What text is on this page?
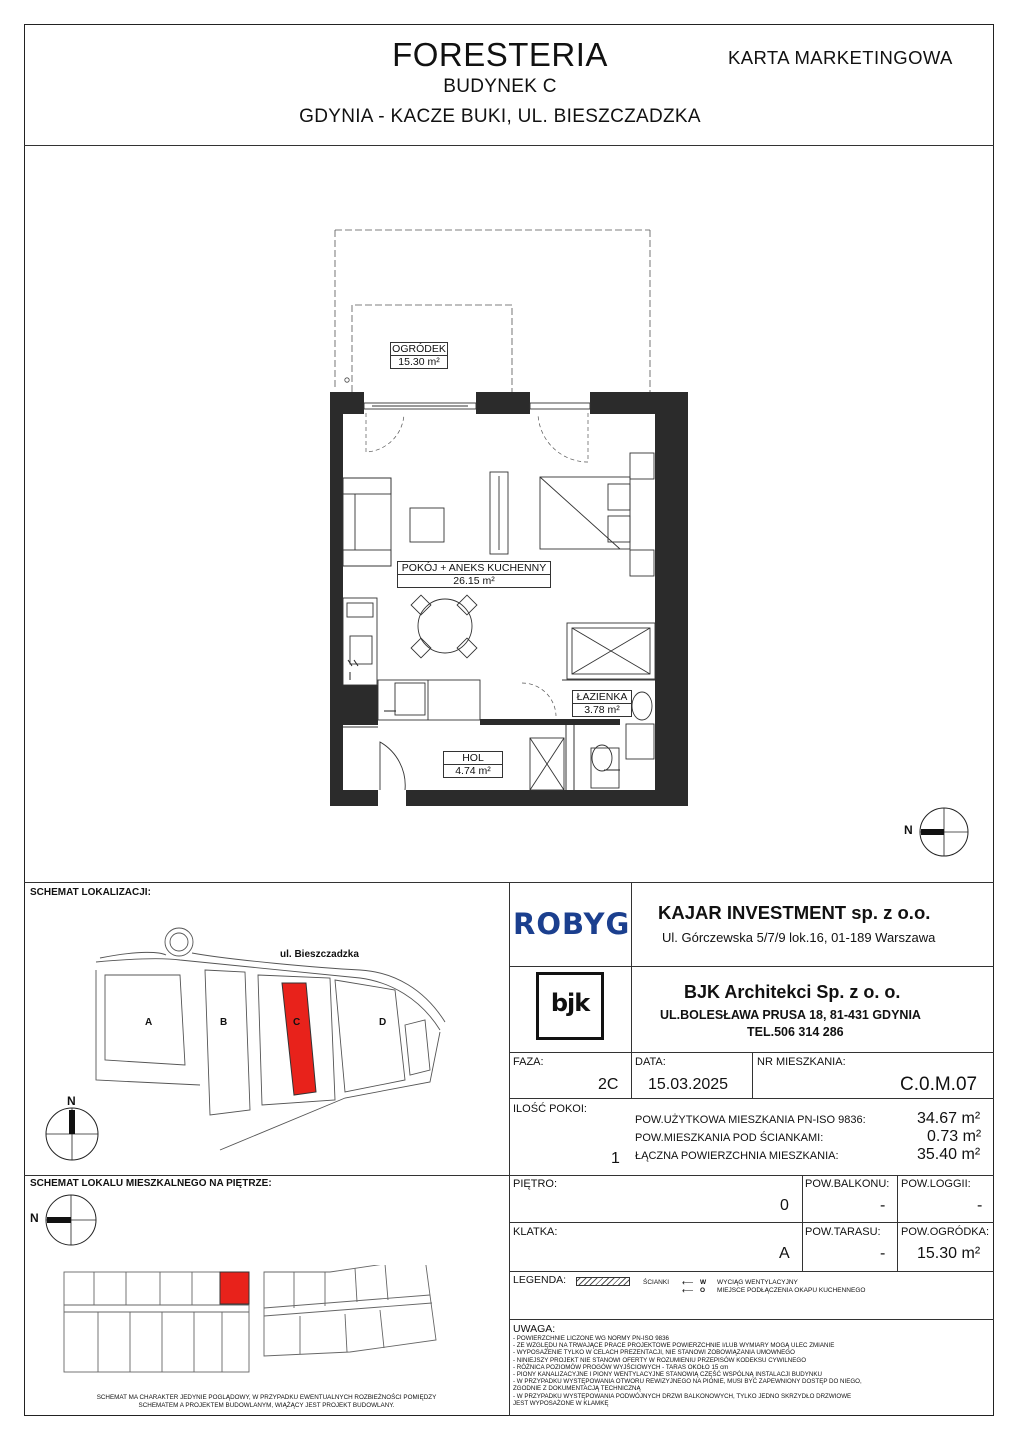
FORESTERIA
BUDYNEK C
GDYNIA - KACZE BUKI, UL. BIESZCZADZKA
KARTA MARKETINGOWA
OGRÓDEK
15.30 m²
POKÓJ + ANEKS KUCHENNY
26.15 m²
ŁAZIENKA
3.78 m²
HOL
4.74 m²
N
SCHEMAT LOKALIZACJI:
ul. Bieszczadzka
A	B	C	D
N
SCHEMAT LOKALU MIESZKALNEGO NA PIĘTRZE:
N
SCHEMAT MA CHARAKTER JEDYNIE POGLĄDOWY, W PRZYPADKU EWENTUALNYCH ROZBIEŻNOŚCI POMIĘDZY
SCHEMATEM A PROJEKTEM BUDOWLANYM, WIĄŻĄCY JEST PROJEKT BUDOWLANY.
ROBYG KAJAR INVESTMENT sp. z o.o.
Ul. Górczewska 5/7/9 lok.16, 01-189 Warszawa
bjk	BJK Architekci Sp. z o. o.
UL.BOLESŁAWA PRUSA 18, 81-431 GDYNIA
TEL.506 314 286
FAZA:
2C
DATA:
15.03.2025
NR MIESZKANIA:
C.0.M.07
ILOŚĆ POKOI:
1
POW.UŻYTKOWA MIESZKANIA PN-ISO 9836:	34.67 m²
POW.MIESZKANIA POD ŚCIANKAMI:	0.73 m²
ŁĄCZNA POWIERZCHNIA MIESZKANIA:	35.40 m²
PIĘTRO:
0
POW.BALKONU:
-
POW.LOGGII:
-
KLATKA:
A
POW.TARASU:
-
POW.OGRÓDKA:
15.30 m²
LEGENDA:	ŚCIANKI ⟵ W WYCIĄG WENTYLACYJNY
⟵ O MIEJSCE PODŁĄCZENIA OKAPU KUCHENNEGO
UWAGA:
- POWIERZCHNIE LICZONE WG NORMY PN-ISO 9836
- ZE WZGLĘDU NA TRWAJĄCE PRACE PROJEKTOWE POWIERZCHNIE I/LUB WYMIARY MOGĄ ULEC ZMIANIE
- WYPOSAŻENIE TYLKO W CELACH PREZENTACJI, NIE STANOWI ZOBOWIĄZANIA UMOWNEGO
- NINIEJSZY PROJEKT NIE STANOWI OFERTY W ROZUMIENIU PRZEPISÓW KODEKSU CYWILNEGO
- RÓŻNICA POZIOMÓW PROGÓW WYJŚCIOWYCH - TARAS OKOŁO 15 cm
- PIONY KANALIZACYJNE I PIONY WENTYLACYJNE STANOWIĄ CZĘŚĆ WSPÓLNĄ INSTALACJI BUDYNKU
- W PRZYPADKU WYSTĘPOWANIA OTWORU REWIZYJNEGO NA PIONIE, MUSI BYĆ ZAPEWNIONY DOSTĘP DO NIEGO,
ZGODNIE Z DOKUMENTACJĄ TECHNICZNĄ
- W PRZYPADKU WYSTĘPOWANIA PODWÓJNYCH DRZWI BALKONOWYCH, TYLKO JEDNO SKRZYDŁO DRZWIOWE
JEST WYPOSAŻONE W KLAMKĘ
